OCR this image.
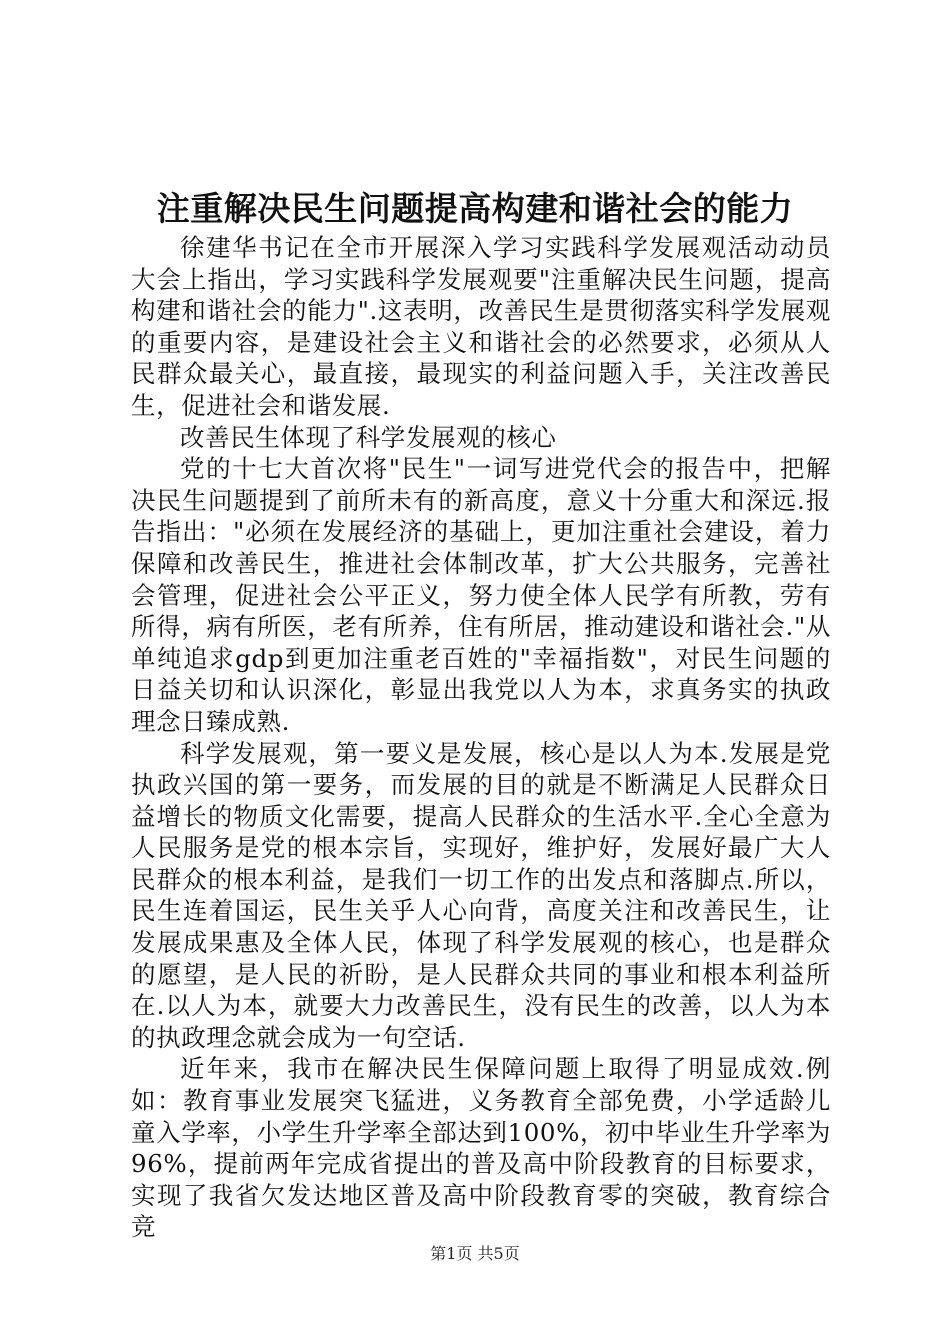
注重解决民生问题提高构建和谐社会的能力

徐建华书记在全市开展深入学习实践科学发展观活动动员大会上指出，学习实践科学发展观要"注重解决民生问题，提高构建和谐社会的能力".这表明，改善民生是贯彻落实科学发展观的重要内容，是建设社会主义和谐社会的必然要求，必须从人民群众最关心，最直接，最现实的利益问题入手，关注改善民生，促进社会和谐发展.

改善民生体现了科学发展观的核心

党的十七大首次将"民生"一词写进党代会的报告中，把解决民生问题提到了前所未有的新高度，意义十分重大和深远.报告指出："必须在发展经济的基础上，更加注重社会建设，着力保障和改善民生，推进社会体制改革，扩大公共服务，完善社会管理，促进社会公平正义，努力使全体人民学有所教，劳有所得，病有所医，老有所养，住有所居，推动建设和谐社会."从单纯追求gdp到更加注重老百姓的"幸福指数"，对民生问题的日益关切和认识深化，彰显出我党以人为本，求真务实的执政理念日臻成熟.

科学发展观，第一要义是发展，核心是以人为本.发展是党执政兴国的第一要务，而发展的目的就是不断满足人民群众日益增长的物质文化需要，提高人民群众的生活水平.全心全意为人民服务是党的根本宗旨，实现好，维护好，发展好最广大人民群众的根本利益，是我们一切工作的出发点和落脚点.所以，民生连着国运，民生关乎人心向背，高度关注和改善民生，让发展成果惠及全体人民，体现了科学发展观的核心，也是群众的愿望，是人民的祈盼，是人民群众共同的事业和根本利益所在.以人为本，就要大力改善民生，没有民生的改善，以人为本的执政理念就会成为一句空话.

近年来，我市在解决民生保障问题上取得了明显成效.例如：教育事业发展突飞猛进，义务教育全部免费，小学适龄儿童入学率，小学生升学率全部达到100%，初中毕业生升学率为96%，提前两年完成省提出的普及高中阶段教育的目标要求，实现了我省欠发达地区普及高中阶段教育零的突破，教育综合竞

第1页 共5页
